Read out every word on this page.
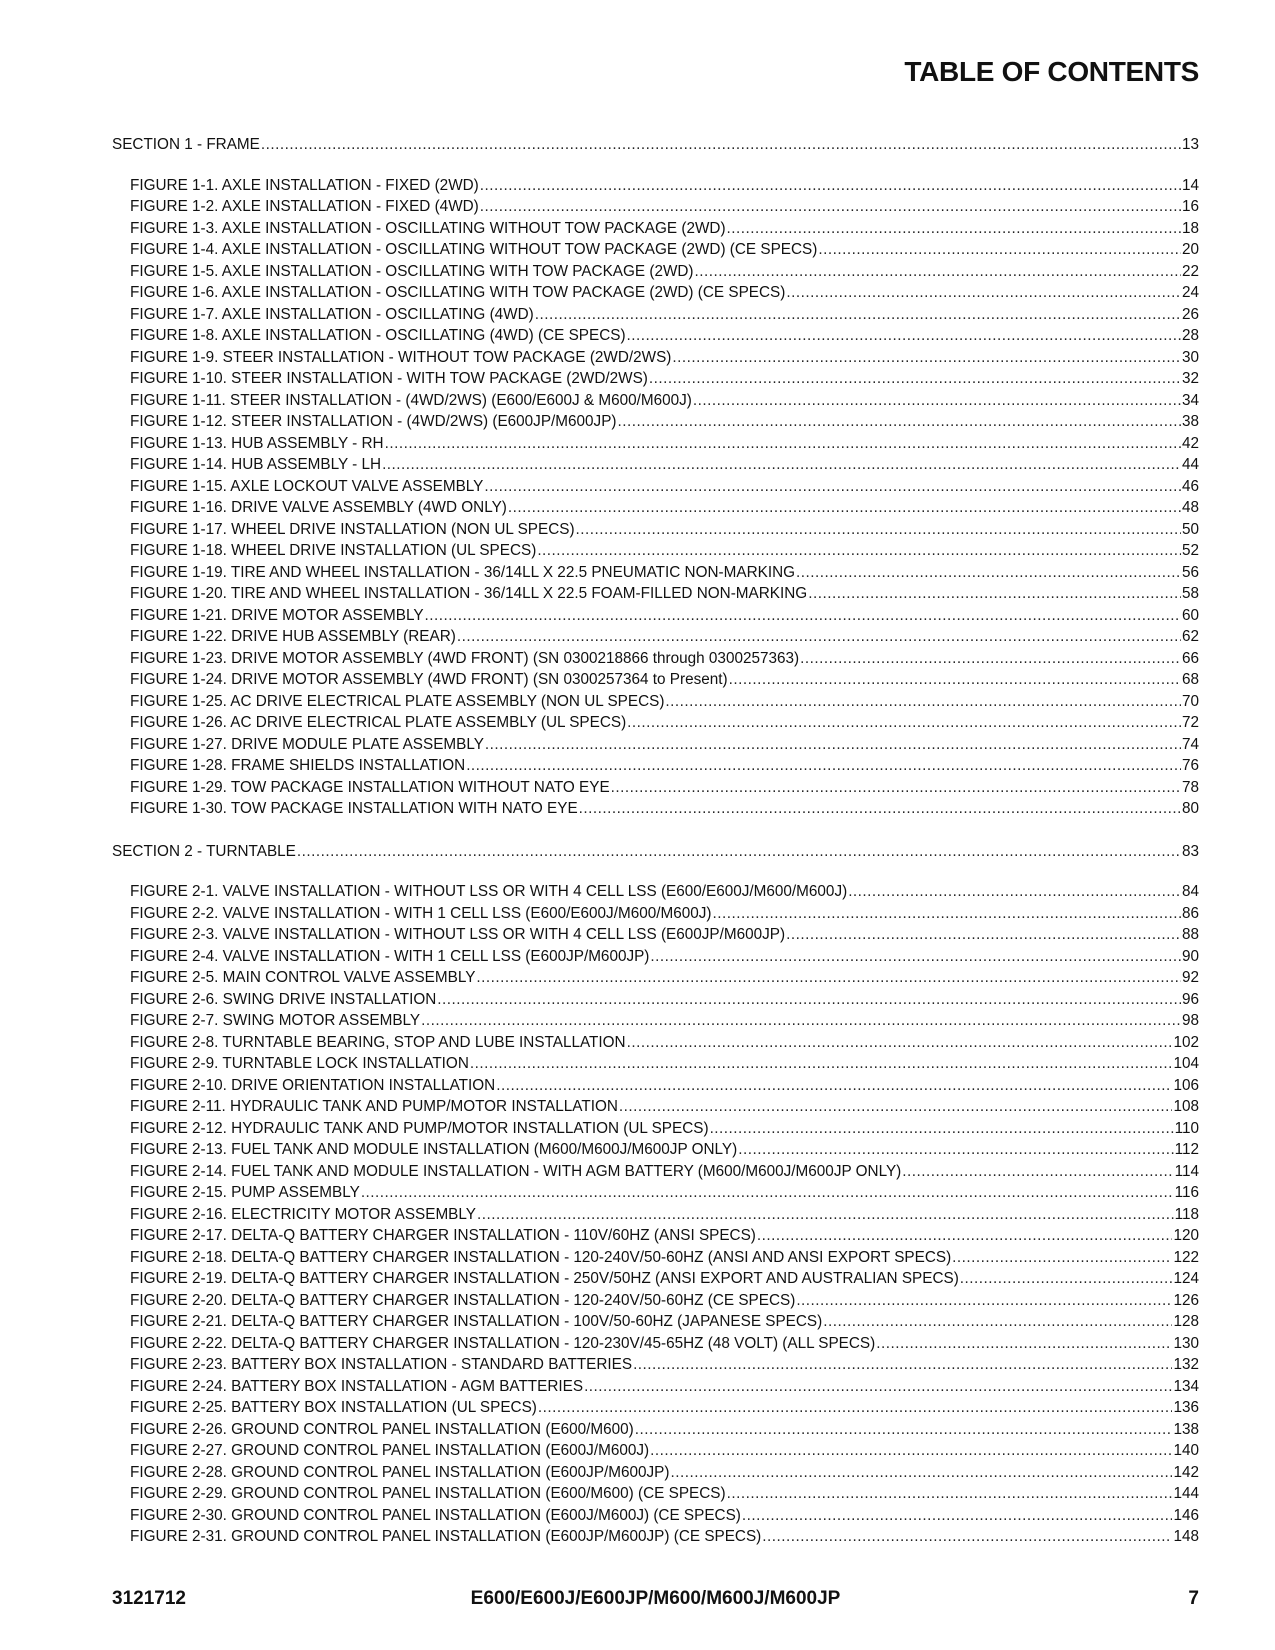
TABLE OF CONTENTS
SECTION 1 - FRAME .....	13
FIGURE 1-1. AXLE INSTALLATION - FIXED (2WD) .....	14
FIGURE 1-2. AXLE INSTALLATION - FIXED (4WD) .....	16
FIGURE 1-3. AXLE INSTALLATION - OSCILLATING WITHOUT TOW PACKAGE (2WD) .....	18
FIGURE 1-4. AXLE INSTALLATION - OSCILLATING WITHOUT TOW PACKAGE (2WD) (CE SPECS) .....	20
FIGURE 1-5. AXLE INSTALLATION - OSCILLATING WITH TOW PACKAGE (2WD) .....	22
FIGURE 1-6. AXLE INSTALLATION - OSCILLATING WITH TOW PACKAGE (2WD) (CE SPECS) .....	24
FIGURE 1-7. AXLE INSTALLATION - OSCILLATING (4WD) .....	26
FIGURE 1-8. AXLE INSTALLATION - OSCILLATING (4WD) (CE SPECS) .....	28
FIGURE 1-9. STEER INSTALLATION - WITHOUT TOW PACKAGE (2WD/2WS) .....	30
FIGURE 1-10. STEER INSTALLATION - WITH TOW PACKAGE (2WD/2WS) .....	32
FIGURE 1-11. STEER INSTALLATION - (4WD/2WS) (E600/E600J & M600/M600J) .....	34
FIGURE 1-12. STEER INSTALLATION - (4WD/2WS) (E600JP/M600JP) .....	38
FIGURE 1-13. HUB ASSEMBLY - RH .....	42
FIGURE 1-14. HUB ASSEMBLY - LH .....	44
FIGURE 1-15. AXLE LOCKOUT VALVE ASSEMBLY .....	46
FIGURE 1-16. DRIVE VALVE ASSEMBLY (4WD ONLY) .....	48
FIGURE 1-17. WHEEL DRIVE INSTALLATION (NON UL SPECS) .....	50
FIGURE 1-18. WHEEL DRIVE INSTALLATION (UL SPECS) .....	52
FIGURE 1-19. TIRE AND WHEEL INSTALLATION - 36/14LL X 22.5 PNEUMATIC NON-MARKING .....	56
FIGURE 1-20. TIRE AND WHEEL INSTALLATION - 36/14LL X 22.5 FOAM-FILLED NON-MARKING .....	58
FIGURE 1-21. DRIVE MOTOR ASSEMBLY .....	60
FIGURE 1-22. DRIVE HUB ASSEMBLY (REAR) .....	62
FIGURE 1-23. DRIVE MOTOR ASSEMBLY (4WD FRONT) (SN 0300218866 through 0300257363) .....	66
FIGURE 1-24. DRIVE MOTOR ASSEMBLY (4WD FRONT) (SN 0300257364 to Present) .....	68
FIGURE 1-25. AC DRIVE ELECTRICAL PLATE ASSEMBLY (NON UL SPECS) .....	70
FIGURE 1-26. AC DRIVE ELECTRICAL PLATE ASSEMBLY (UL SPECS) .....	72
FIGURE 1-27. DRIVE MODULE PLATE ASSEMBLY .....	74
FIGURE 1-28. FRAME SHIELDS INSTALLATION .....	76
FIGURE 1-29. TOW PACKAGE INSTALLATION WITHOUT NATO EYE .....	78
FIGURE 1-30. TOW PACKAGE INSTALLATION WITH NATO EYE .....	80
SECTION 2 - TURNTABLE .....	83
FIGURE 2-1. VALVE INSTALLATION - WITHOUT LSS OR WITH 4 CELL LSS (E600/E600J/M600/M600J) .....	84
FIGURE 2-2. VALVE INSTALLATION - WITH 1 CELL LSS (E600/E600J/M600/M600J) .....	86
FIGURE 2-3. VALVE INSTALLATION - WITHOUT LSS OR WITH 4 CELL LSS (E600JP/M600JP) .....	88
FIGURE 2-4. VALVE INSTALLATION - WITH 1 CELL LSS (E600JP/M600JP) .....	90
FIGURE 2-5. MAIN CONTROL VALVE ASSEMBLY .....	92
FIGURE 2-6. SWING DRIVE INSTALLATION .....	96
FIGURE 2-7. SWING MOTOR ASSEMBLY .....	98
FIGURE 2-8. TURNTABLE BEARING, STOP AND LUBE INSTALLATION .....	102
FIGURE 2-9. TURNTABLE LOCK INSTALLATION .....	104
FIGURE 2-10. DRIVE ORIENTATION INSTALLATION .....	106
FIGURE 2-11. HYDRAULIC TANK AND PUMP/MOTOR INSTALLATION .....	108
FIGURE 2-12. HYDRAULIC TANK AND PUMP/MOTOR INSTALLATION (UL SPECS) .....	110
FIGURE 2-13. FUEL TANK AND MODULE INSTALLATION (M600/M600J/M600JP ONLY) .....	112
FIGURE 2-14. FUEL TANK AND MODULE INSTALLATION - WITH AGM BATTERY (M600/M600J/M600JP ONLY) .....	114
FIGURE 2-15. PUMP ASSEMBLY .....	116
FIGURE 2-16. ELECTRICITY MOTOR ASSEMBLY .....	118
FIGURE 2-17. DELTA-Q BATTERY CHARGER INSTALLATION - 110V/60HZ (ANSI SPECS) .....	120
FIGURE 2-18. DELTA-Q BATTERY CHARGER INSTALLATION - 120-240V/50-60HZ (ANSI AND ANSI EXPORT SPECS) .....	122
FIGURE 2-19. DELTA-Q BATTERY CHARGER INSTALLATION - 250V/50HZ (ANSI EXPORT AND AUSTRALIAN SPECS) .....	124
FIGURE 2-20. DELTA-Q BATTERY CHARGER INSTALLATION - 120-240V/50-60HZ (CE SPECS) .....	126
FIGURE 2-21. DELTA-Q BATTERY CHARGER INSTALLATION - 100V/50-60HZ (JAPANESE SPECS) .....	128
FIGURE 2-22. DELTA-Q BATTERY CHARGER INSTALLATION - 120-230V/45-65HZ (48 VOLT) (ALL SPECS) .....	130
FIGURE 2-23. BATTERY BOX INSTALLATION - STANDARD BATTERIES .....	132
FIGURE 2-24. BATTERY BOX INSTALLATION - AGM BATTERIES .....	134
FIGURE 2-25. BATTERY BOX INSTALLATION (UL SPECS) .....	136
FIGURE 2-26. GROUND CONTROL PANEL INSTALLATION (E600/M600) .....	138
FIGURE 2-27. GROUND CONTROL PANEL INSTALLATION (E600J/M600J) .....	140
FIGURE 2-28. GROUND CONTROL PANEL INSTALLATION (E600JP/M600JP) .....	142
FIGURE 2-29. GROUND CONTROL PANEL INSTALLATION (E600/M600) (CE SPECS) .....	144
FIGURE 2-30. GROUND CONTROL PANEL INSTALLATION (E600J/M600J) (CE SPECS) .....	146
FIGURE 2-31. GROUND CONTROL PANEL INSTALLATION (E600JP/M600JP) (CE SPECS) .....	148
3121712	E600/E600J/E600JP/M600/M600J/M600JP	7
